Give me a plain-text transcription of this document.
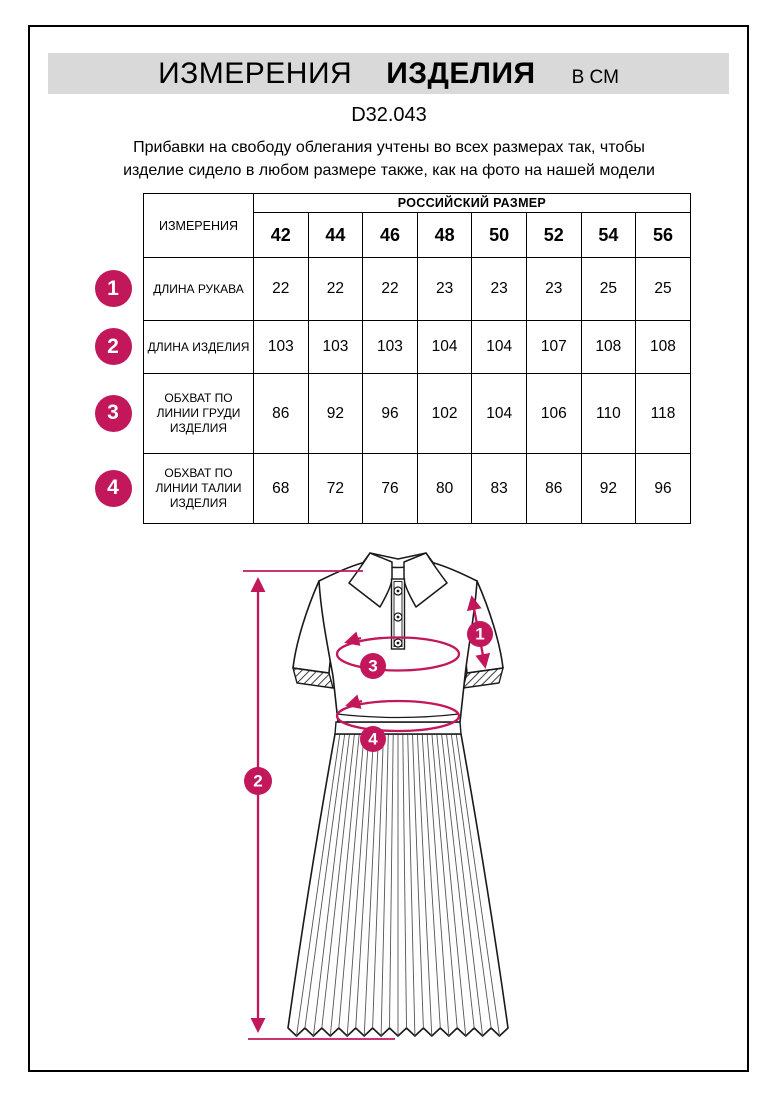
ИЗМЕРЕНИЯ ИЗДЕЛИЯ В СМ
D32.043
Прибавки на свободу облегания учтены во всех размерах так, чтобы
изделие сидело в любом размере также, как на фото на нашей модели
ИЗМЕРЕНИЯ	РОССИЙСКИЙ РАЗМЕР							
	42	44	46	48	50	52	54	56
ДЛИНА РУКАВА	22	22	22	23	23	23	25	25
ДЛИНА ИЗДЕЛИЯ	103	103	103	104	104	107	108	108
ОБХВАТ ПО ЛИНИИ ГРУДИ ИЗДЕЛИЯ	86	92	96	102	104	106	110	118
ОБХВАТ ПО ЛИНИИ ТАЛИИ ИЗДЕЛИЯ	68	72	76	80	83	86	92	96
1
2
3
4
1
2
3
4
